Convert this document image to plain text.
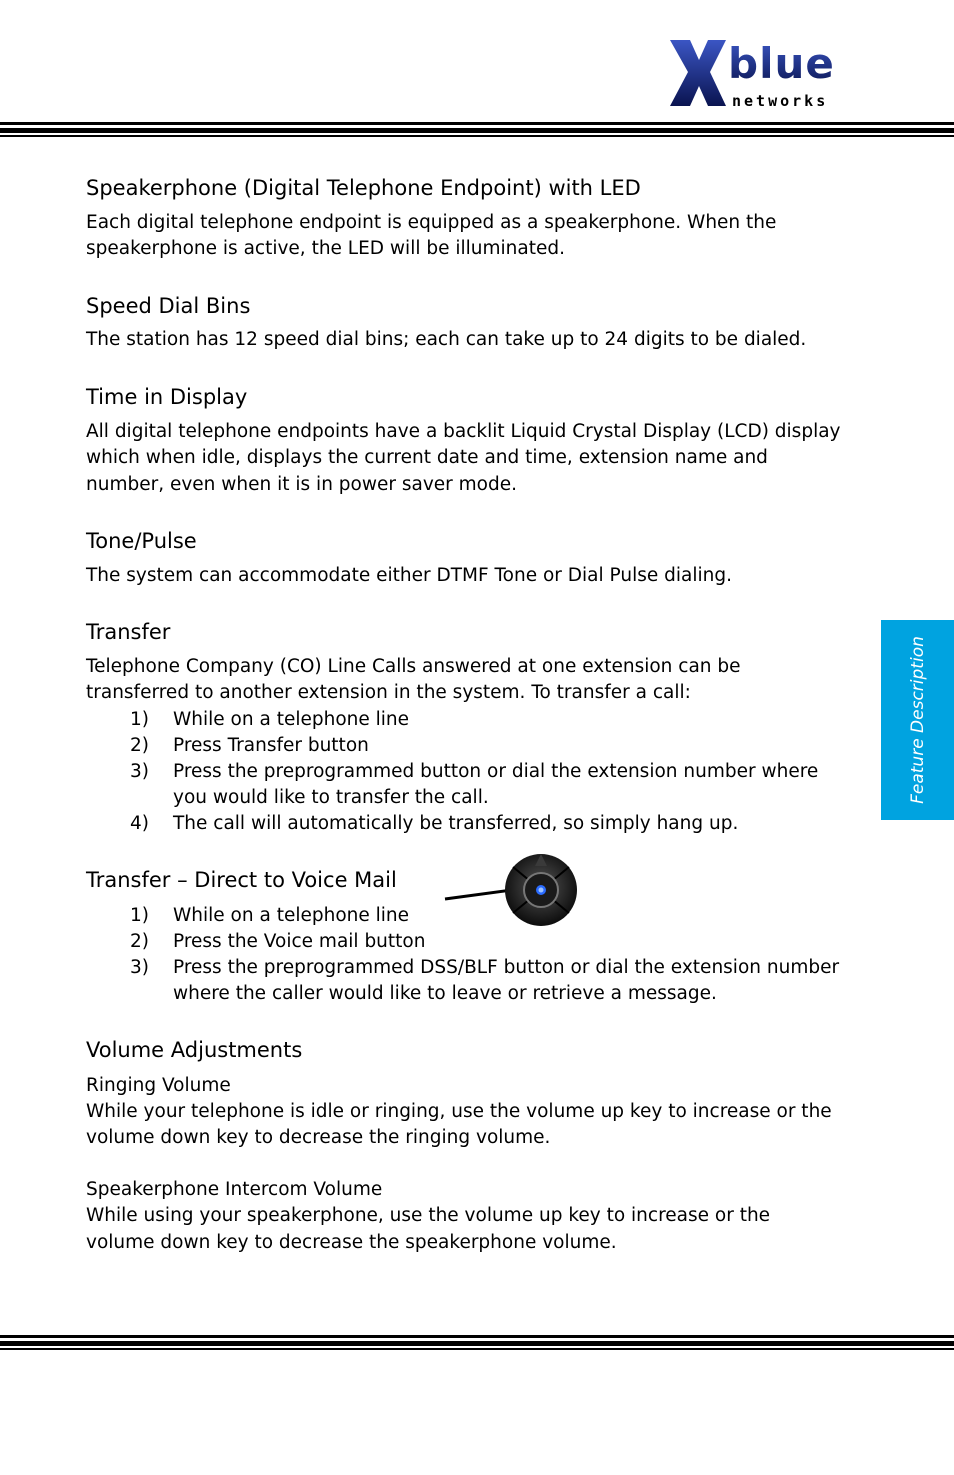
blue
networks
Feature Description
Speakerphone (Digital Telephone Endpoint) with LED
Each digital telephone endpoint is equipped as a speakerphone. When the
speakerphone is active, the LED will be illuminated.
Speed Dial Bins
The station has 12 speed dial bins; each can take up to 24 digits to be dialed.
Time in Display
All digital telephone endpoints have a backlit Liquid Crystal Display (LCD) display
which when idle, displays the current date and time, extension name and
number, even when it is in power saver mode.
Tone/Pulse
The system can accommodate either DTMF Tone or Dial Pulse dialing.
Transfer
Telephone Company (CO) Line Calls answered at one extension can be
transferred to another extension in the system. To transfer a call:
1) While on a telephone line
2) Press Transfer button
3) Press the preprogrammed button or dial the extension number where
you would like to transfer the call.
4) The call will automatically be transferred, so simply hang up.
Transfer – Direct to Voice Mail
1) While on a telephone line
2) Press the Voice mail button
3) Press the preprogrammed DSS/BLF button or dial the extension number
where the caller would like to leave or retrieve a message.
Volume Adjustments
Ringing Volume
While your telephone is idle or ringing, use the volume up key to increase or the
volume down key to decrease the ringing volume.
Speakerphone Intercom Volume
While using your speakerphone, use the volume up key to increase or the
volume down key to decrease the speakerphone volume.
